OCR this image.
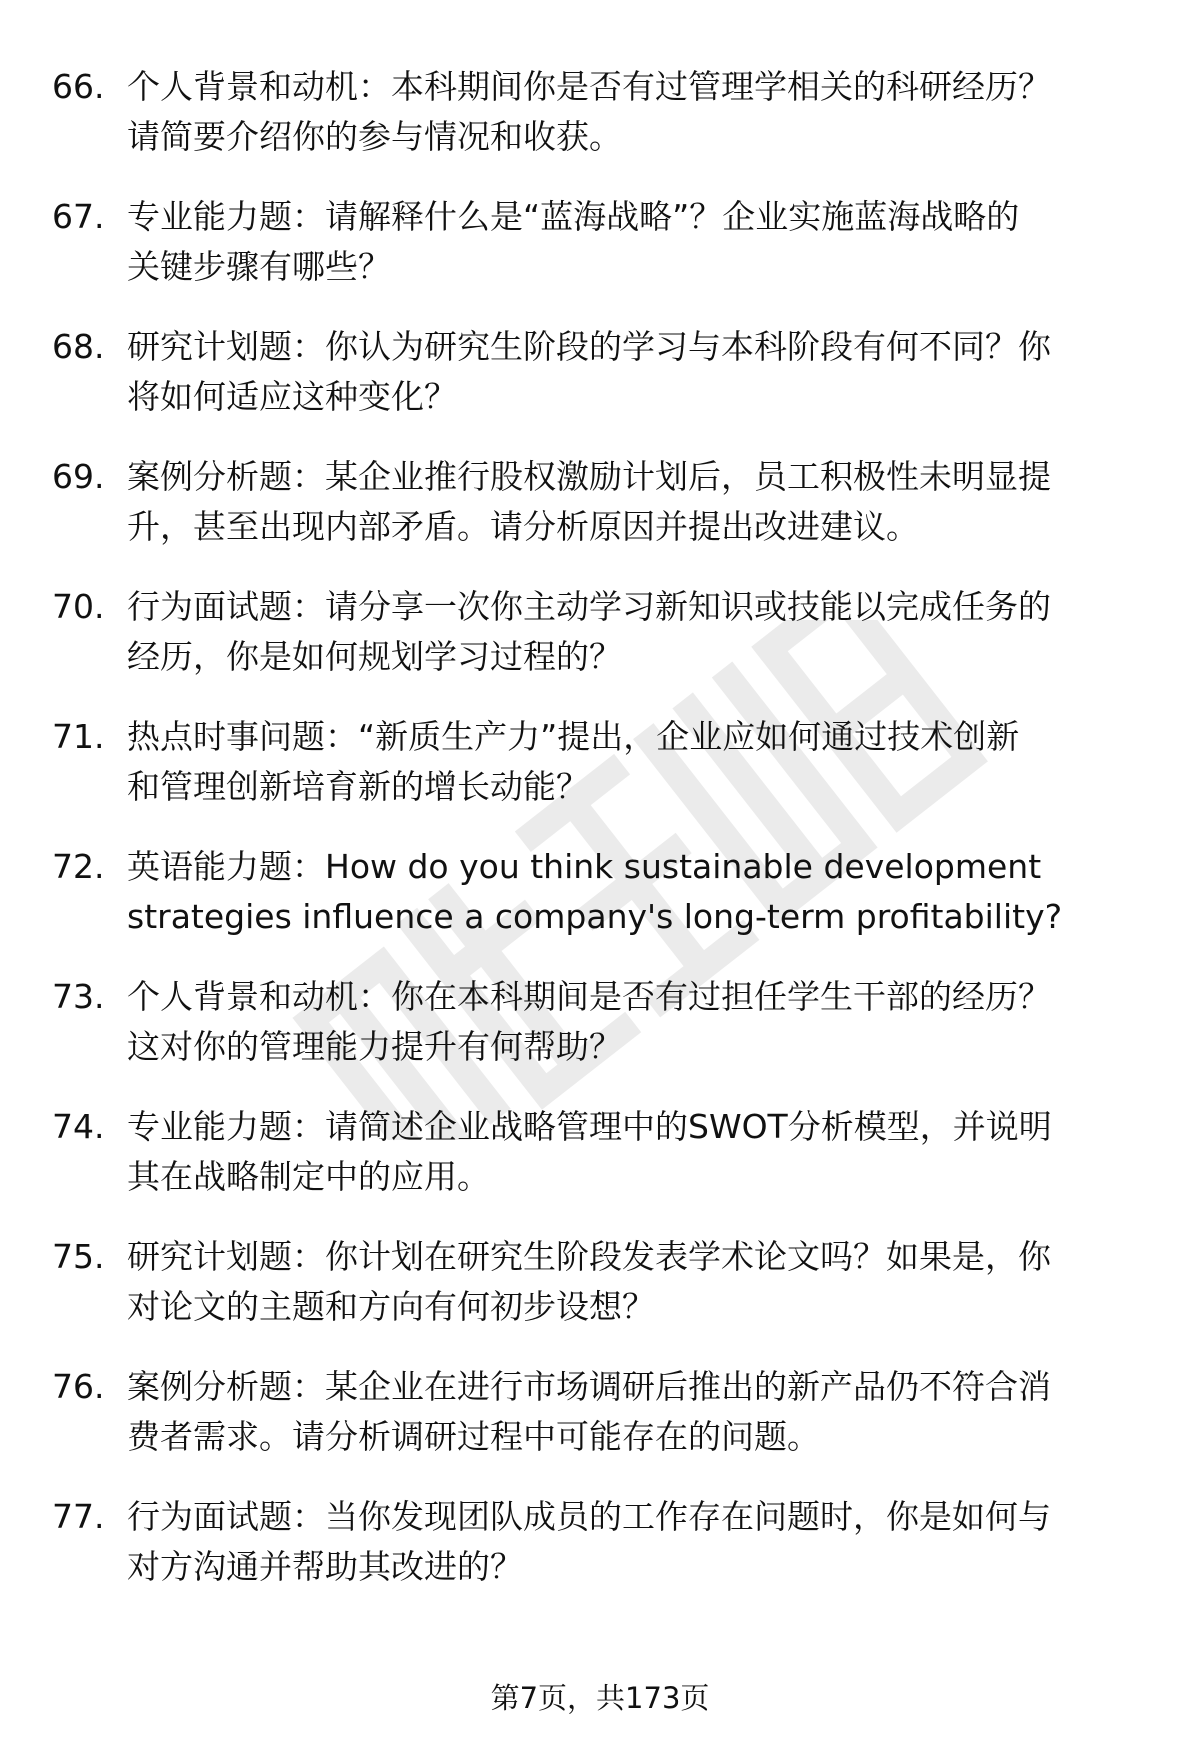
66. 个人背景和动机：本科期间你是否有过管理学相关的科研经历？
请简要介绍你的参与情况和收获。
67. 专业能力题：请解释什么是“蓝海战略”？企业实施蓝海战略的
关键步骤有哪些？
68. 研究计划题：你认为研究生阶段的学习与本科阶段有何不同？你
将如何适应这种变化？
69. 案例分析题：某企业推行股权激励计划后，员工积极性未明显提
升，甚至出现内部矛盾。请分析原因并提出改进建议。
70. 行为面试题：请分享一次你主动学习新知识或技能以完成任务的
经历，你是如何规划学习过程的？
71. 热点时事问题：“新质生产力”提出，企业应如何通过技术创新
和管理创新培育新的增长动能？
72. 英语能力题：How do you think sustainable development
strategies influence a company's long-term profitability?
73. 个人背景和动机：你在本科期间是否有过担任学生干部的经历？
这对你的管理能力提升有何帮助？
74. 专业能力题：请简述企业战略管理中的SWOT分析模型，并说明
其在战略制定中的应用。
75. 研究计划题：你计划在研究生阶段发表学术论文吗？如果是，你
对论文的主题和方向有何初步设想？
76. 案例分析题：某企业在进行市场调研后推出的新产品仍不符合消
费者需求。请分析调研过程中可能存在的问题。
77. 行为面试题：当你发现团队成员的工作存在问题时，你是如何与
对方沟通并帮助其改进的？
第7页，共173页
